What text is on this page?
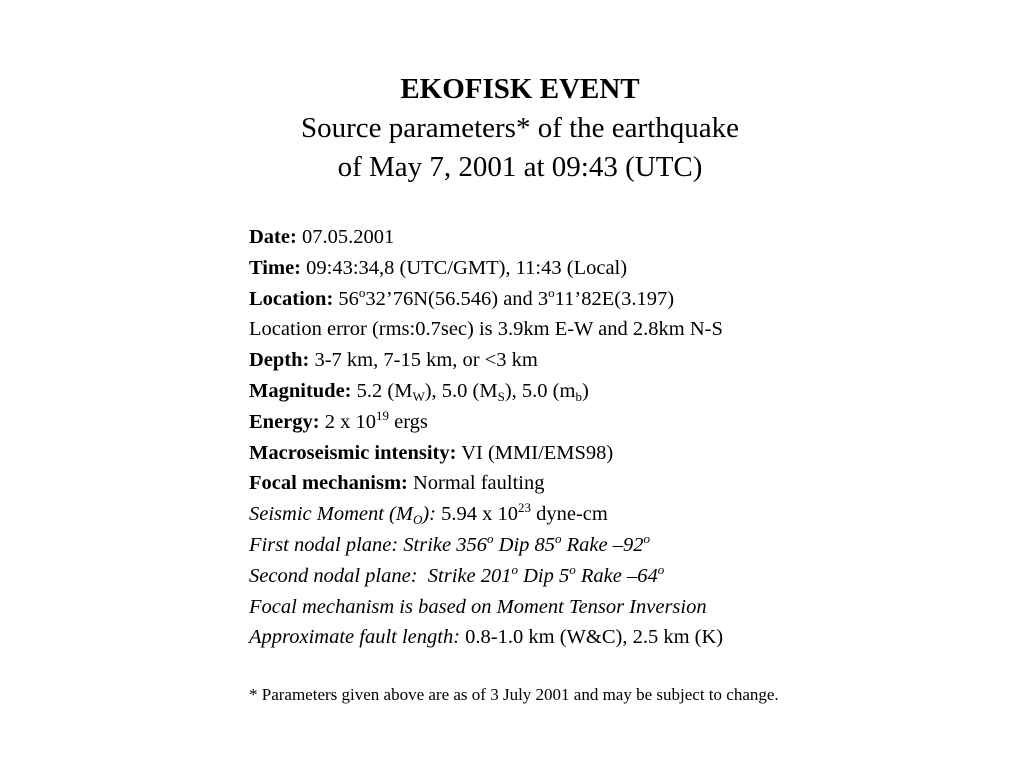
EKOFISK EVENT
Source parameters* of the earthquake
of May 7, 2001 at 09:43 (UTC)
Date: 07.05.2001
Time: 09:43:34,8 (UTC/GMT), 11:43 (Local)
Location: 56$^o$32’76N(56.546) and 3$^o$11’82E(3.197)
Location error (rms:0.7sec) is 3.9km E-W and 2.8km N-S
Depth: 3-7 km, 7-15 km, or <3 km
Magnitude: 5.2 $(M_W)$, 5.0 $(M_S)$, 5.0 $(m_b)$
Energy: 2 x $10^{19}$ ergs
Macroseismic intensity: VI (MMI/EMS98)
Focal mechanism: Normal faulting
Seismic Moment $(M_O)$: 5.94 x $10^{23}$ dyne-cm
First nodal plane: Strike 356$^o$ Dip 85$^o$ Rake –92$^o$
Second nodal plane:  Strike 201$^o$ Dip 5$^o$ Rake –64$^o$
Focal mechanism is based on Moment Tensor Inversion
Approximate fault length: 0.8-1.0 km (W&C), 2.5 km (K)
* Parameters given above are as of 3 July 2001 and may be subject to change.
